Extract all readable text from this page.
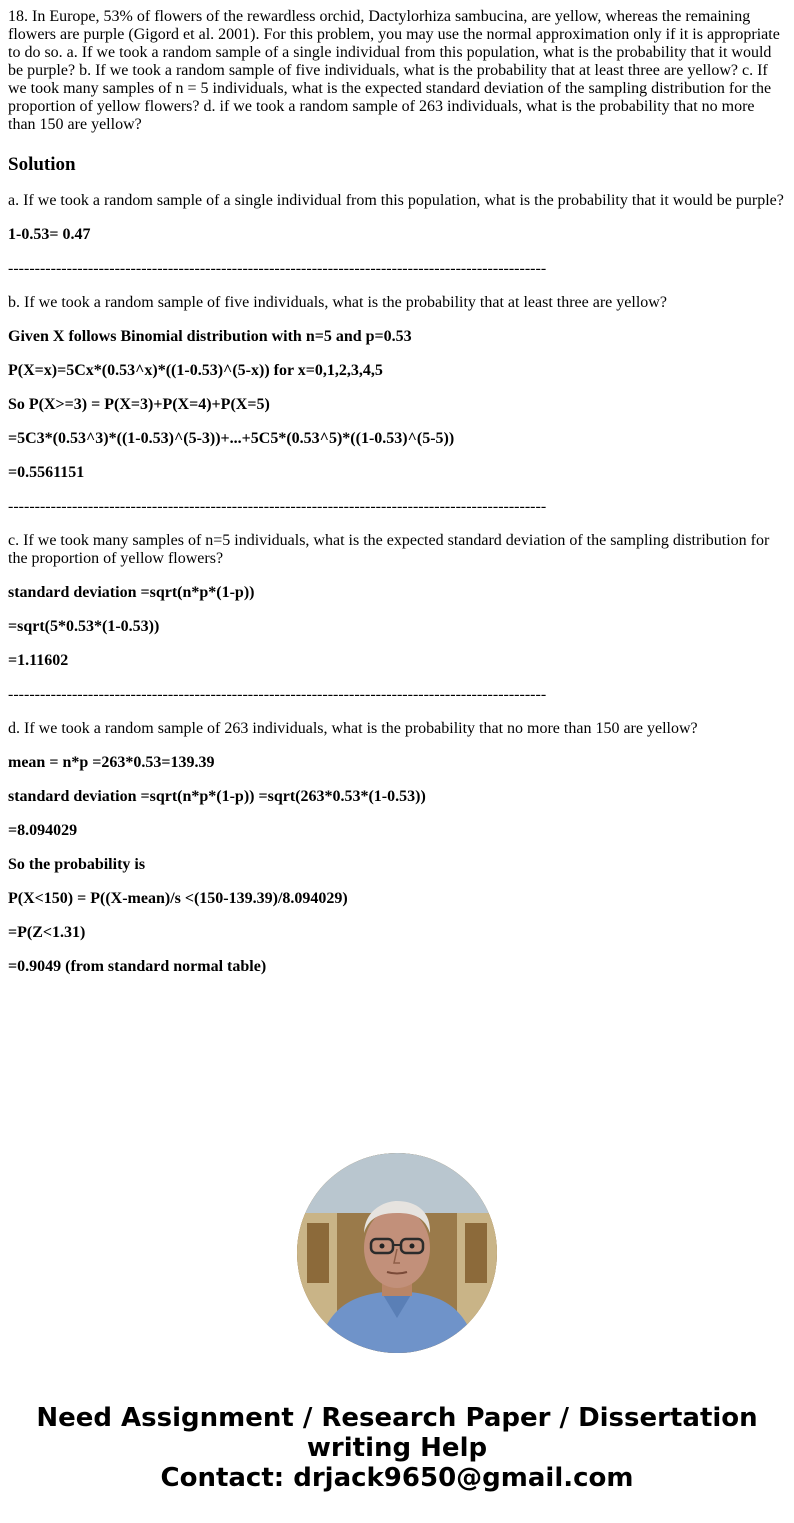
18. In Europe, 53% of flowers of the rewardless orchid, Dactylorhiza sambucina, are yellow, whereas the remaining flowers are purple (Gigord et al. 2001). For this problem, you may use the normal approximation only if it is appropriate to do so. a. If we took a random sample of a single individual from this population, what is the probability that it would be purple? b. If we took a random sample of five individuals, what is the probability that at least three are yellow? c. If we took many samples of n = 5 individuals, what is the expected standard deviation of the sampling distribution for the proportion of yellow flowers? d. if we took a random sample of 263 individuals, what is the probability that no more than 150 are yellow?

Solution

a. If we took a random sample of a single individual from this population, what is the probability that it would be purple?

1-0.53= 0.47

-----------------------------------------------------------------------------------------------------

b. If we took a random sample of five individuals, what is the probability that at least three are yellow?

Given X follows Binomial distribution with n=5 and p=0.53

P(X=x)=5Cx*(0.53^x)*((1-0.53)^(5-x)) for x=0,1,2,3,4,5

So P(X>=3) = P(X=3)+P(X=4)+P(X=5)

=5C3*(0.53^3)*((1-0.53)^(5-3))+...+5C5*(0.53^5)*((1-0.53)^(5-5))

=0.5561151

-----------------------------------------------------------------------------------------------------

c. If we took many samples of n=5 individuals, what is the expected standard deviation of the sampling distribution for the proportion of yellow flowers?

standard deviation =sqrt(n*p*(1-p))

=sqrt(5*0.53*(1-0.53))

=1.11602

-----------------------------------------------------------------------------------------------------

d. If we took a random sample of 263 individuals, what is the probability that no more than 150 are yellow?

mean = n*p =263*0.53=139.39

standard deviation =sqrt(n*p*(1-p)) =sqrt(263*0.53*(1-0.53))

=8.094029

So the probability is

P(X<150) = P((X-mean)/s <(150-139.39)/8.094029)

=P(Z<1.31)

=0.9049 (from standard normal table)

Need Assignment / Research Paper / Dissertation
writing Help
Contact: drjack9650@gmail.com
